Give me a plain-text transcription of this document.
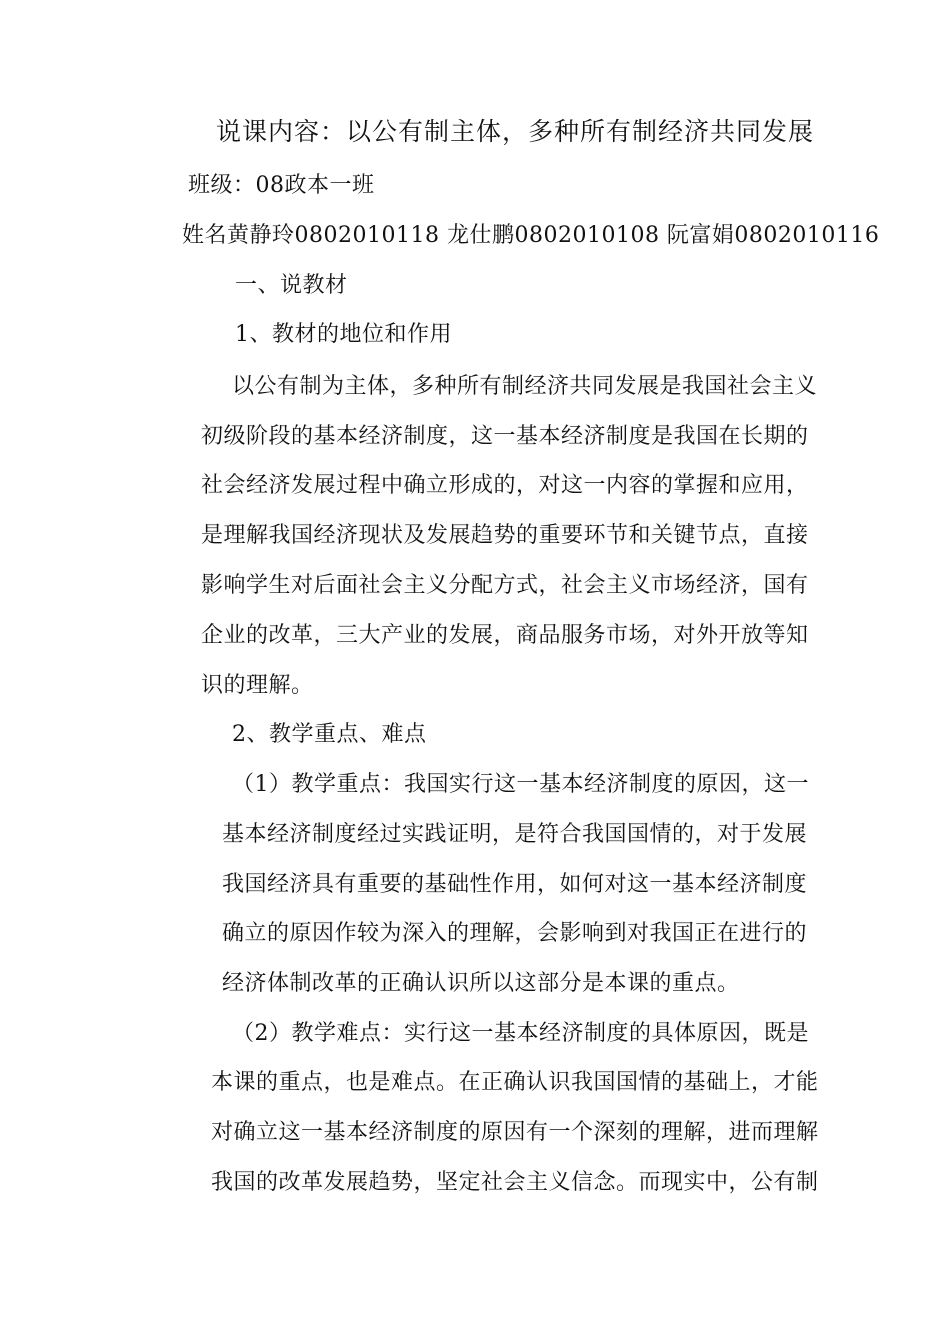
说课内容：以公有制主体，多种所有制经济共同发展
班级：08政本一班
姓名黄静玲0802010118 龙仕鹏0802010108 阮富娟0802010116
一、说教材
1、教材的地位和作用
以公有制为主体，多种所有制经济共同发展是我国社会主义
初级阶段的基本经济制度，这一基本经济制度是我国在长期的
社会经济发展过程中确立形成的，对这一内容的掌握和应用，
是理解我国经济现状及发展趋势的重要环节和关键节点，直接
影响学生对后面社会主义分配方式，社会主义市场经济，国有
企业的改革，三大产业的发展，商品服务市场，对外开放等知
识的理解。
2、教学重点、难点
（1）教学重点：我国实行这一基本经济制度的原因，这一
基本经济制度经过实践证明，是符合我国国情的，对于发展
我国经济具有重要的基础性作用，如何对这一基本经济制度
确立的原因作较为深入的理解，会影响到对我国正在进行的
经济体制改革的正确认识所以这部分是本课的重点。
（2）教学难点：实行这一基本经济制度的具体原因，既是
本课的重点，也是难点。在正确认识我国国情的基础上，才能
对确立这一基本经济制度的原因有一个深刻的理解，进而理解
我国的改革发展趋势，坚定社会主义信念。而现实中，公有制
